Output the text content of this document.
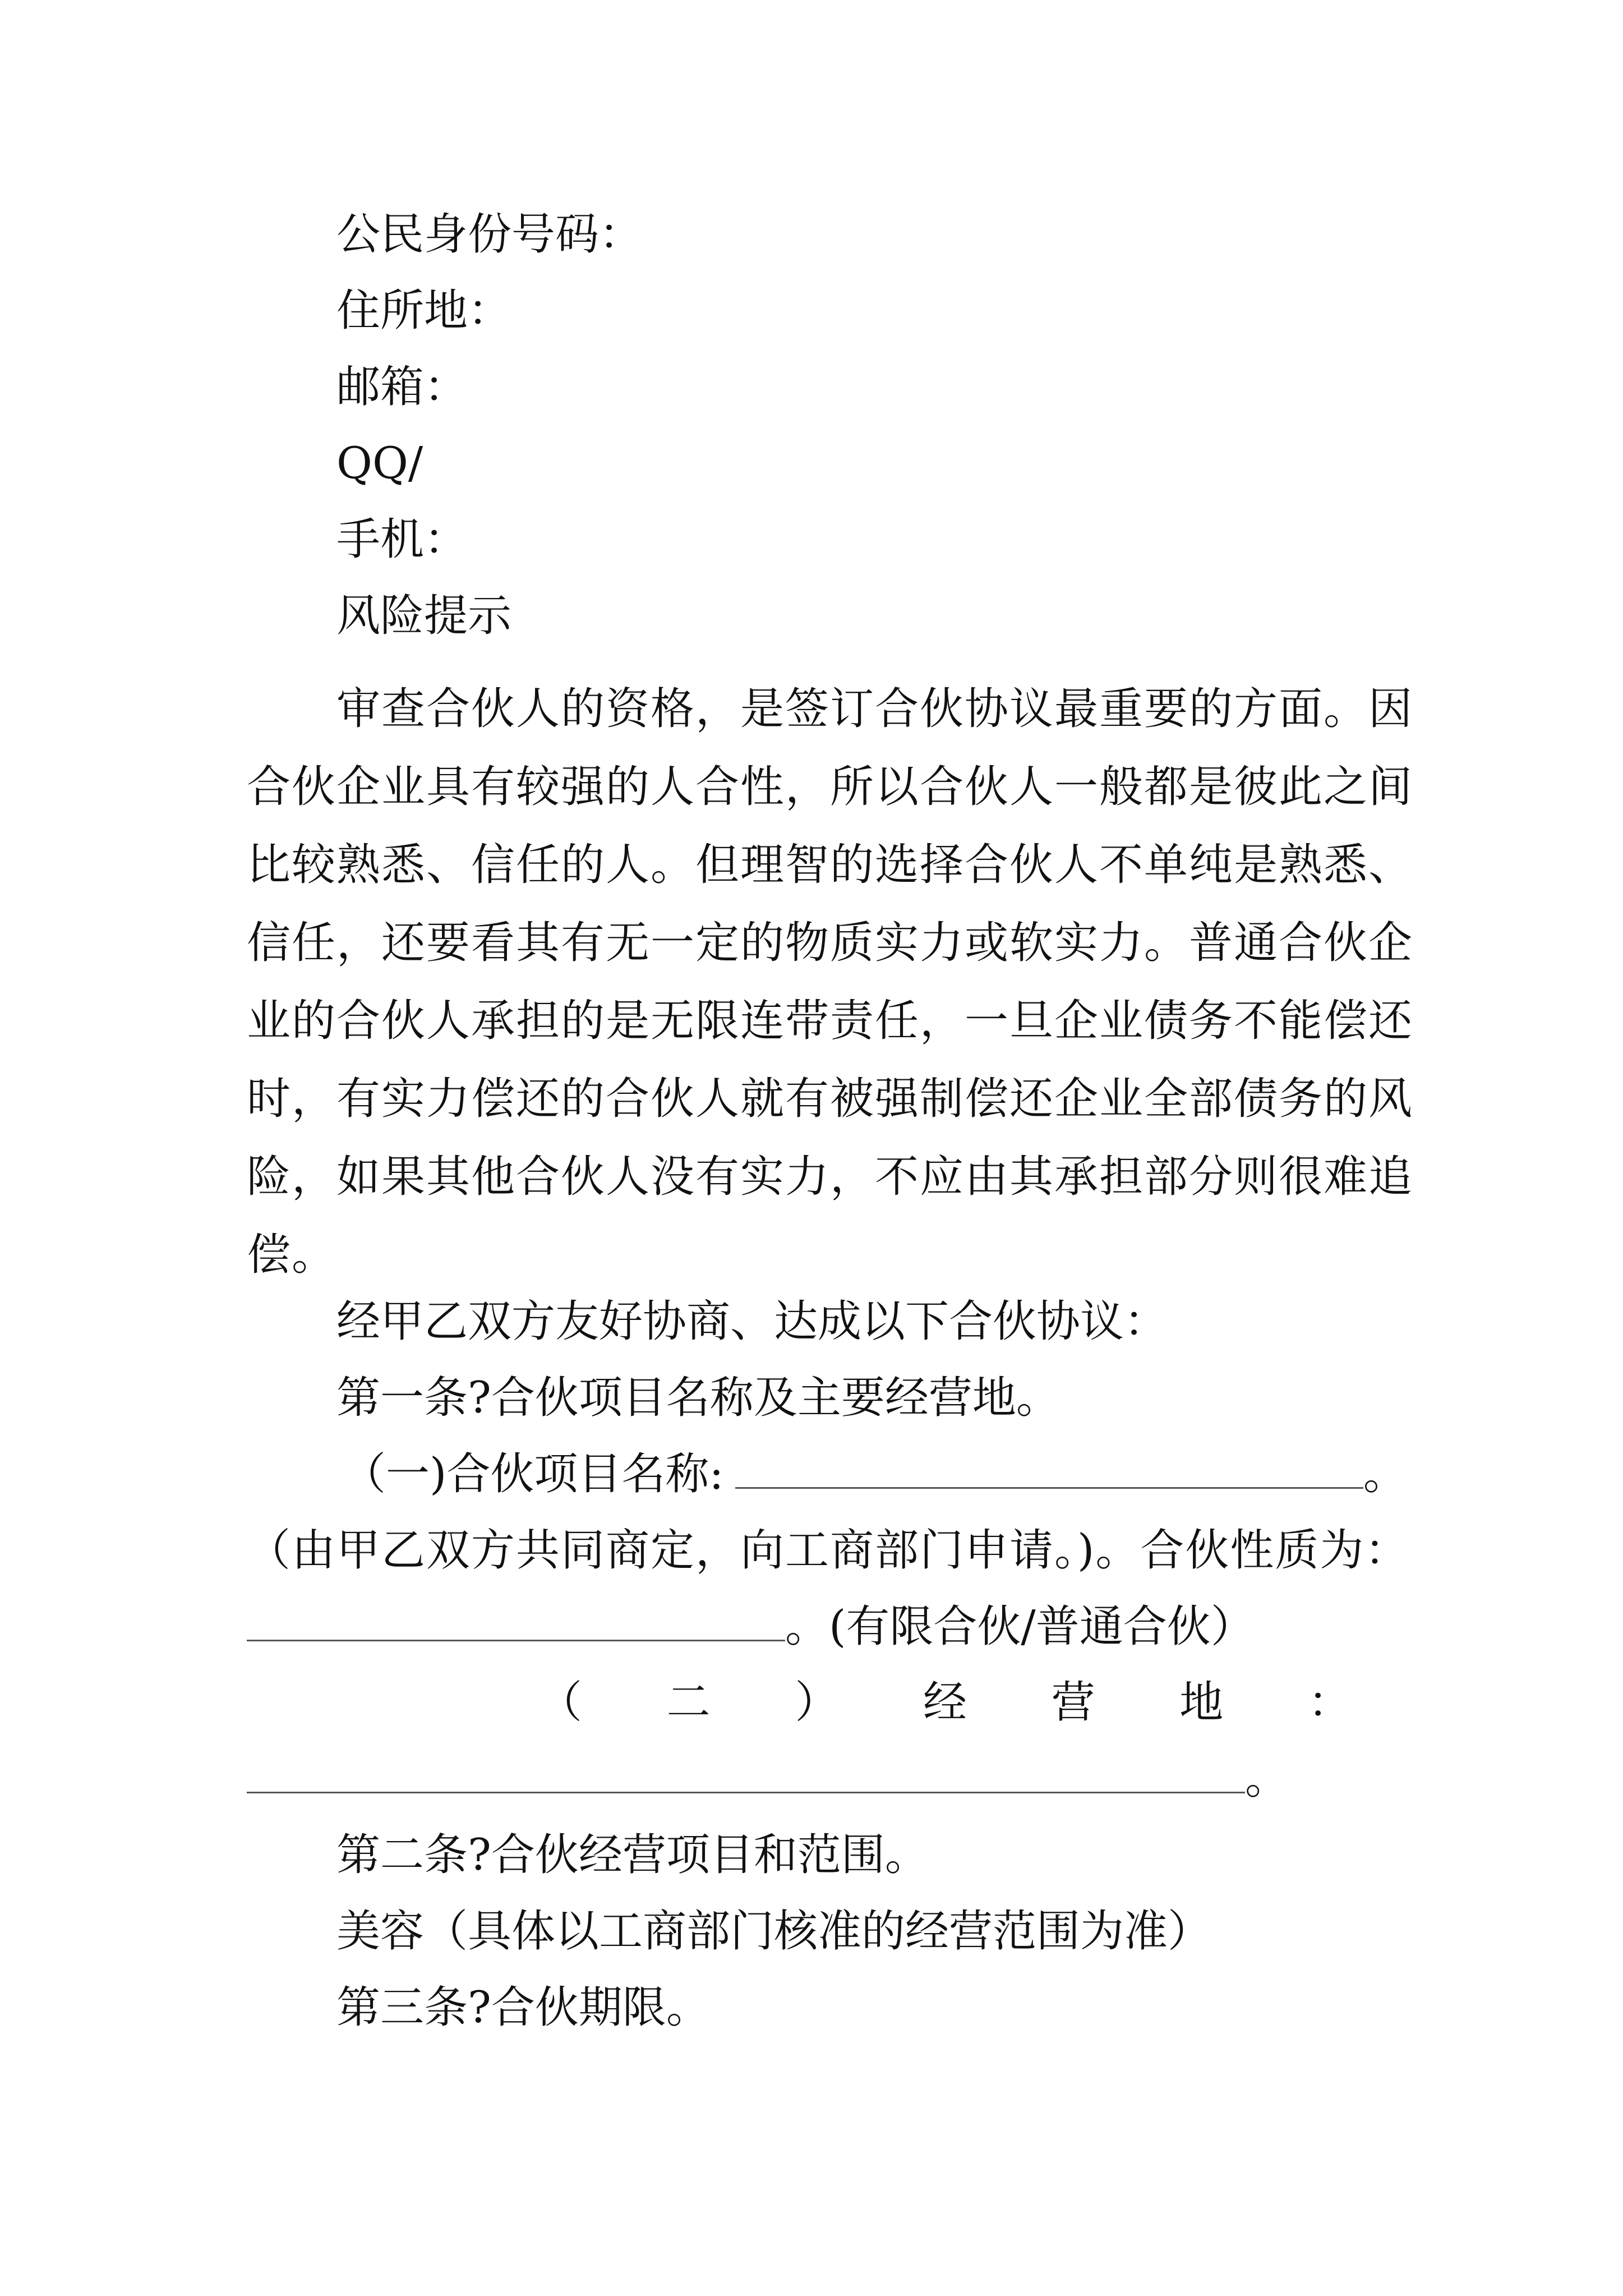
公民身份号码：
住所地：
邮箱：
QQ/
手机：
风险提示
审查合伙人的资格，是签订合伙协议最重要的方面。因
合伙企业具有较强的人合性，所以合伙人一般都是彼此之间
比较熟悉、信任的人。但理智的选择合伙人不单纯是熟悉、
信任，还要看其有无一定的物质实力或软实力。普通合伙企
业的合伙人承担的是无限连带责任，一旦企业债务不能偿还
时，有实力偿还的合伙人就有被强制偿还企业全部债务的风
险，如果其他合伙人没有实力，不应由其承担部分则很难追
偿。
经甲乙双方友好协商、达成以下合伙协议：
第一条?合伙项目名称及主要经营地。
（一)合伙项目名称:	。
（由甲乙双方共同商定，向工商部门申请。)。合伙性质为：
。(有限合伙/普通合伙）
（ 二 ） 经 营 地 ：
。
第二条?合伙经营项目和范围。
美容（具体以工商部门核准的经营范围为准）
第三条?合伙期限。
